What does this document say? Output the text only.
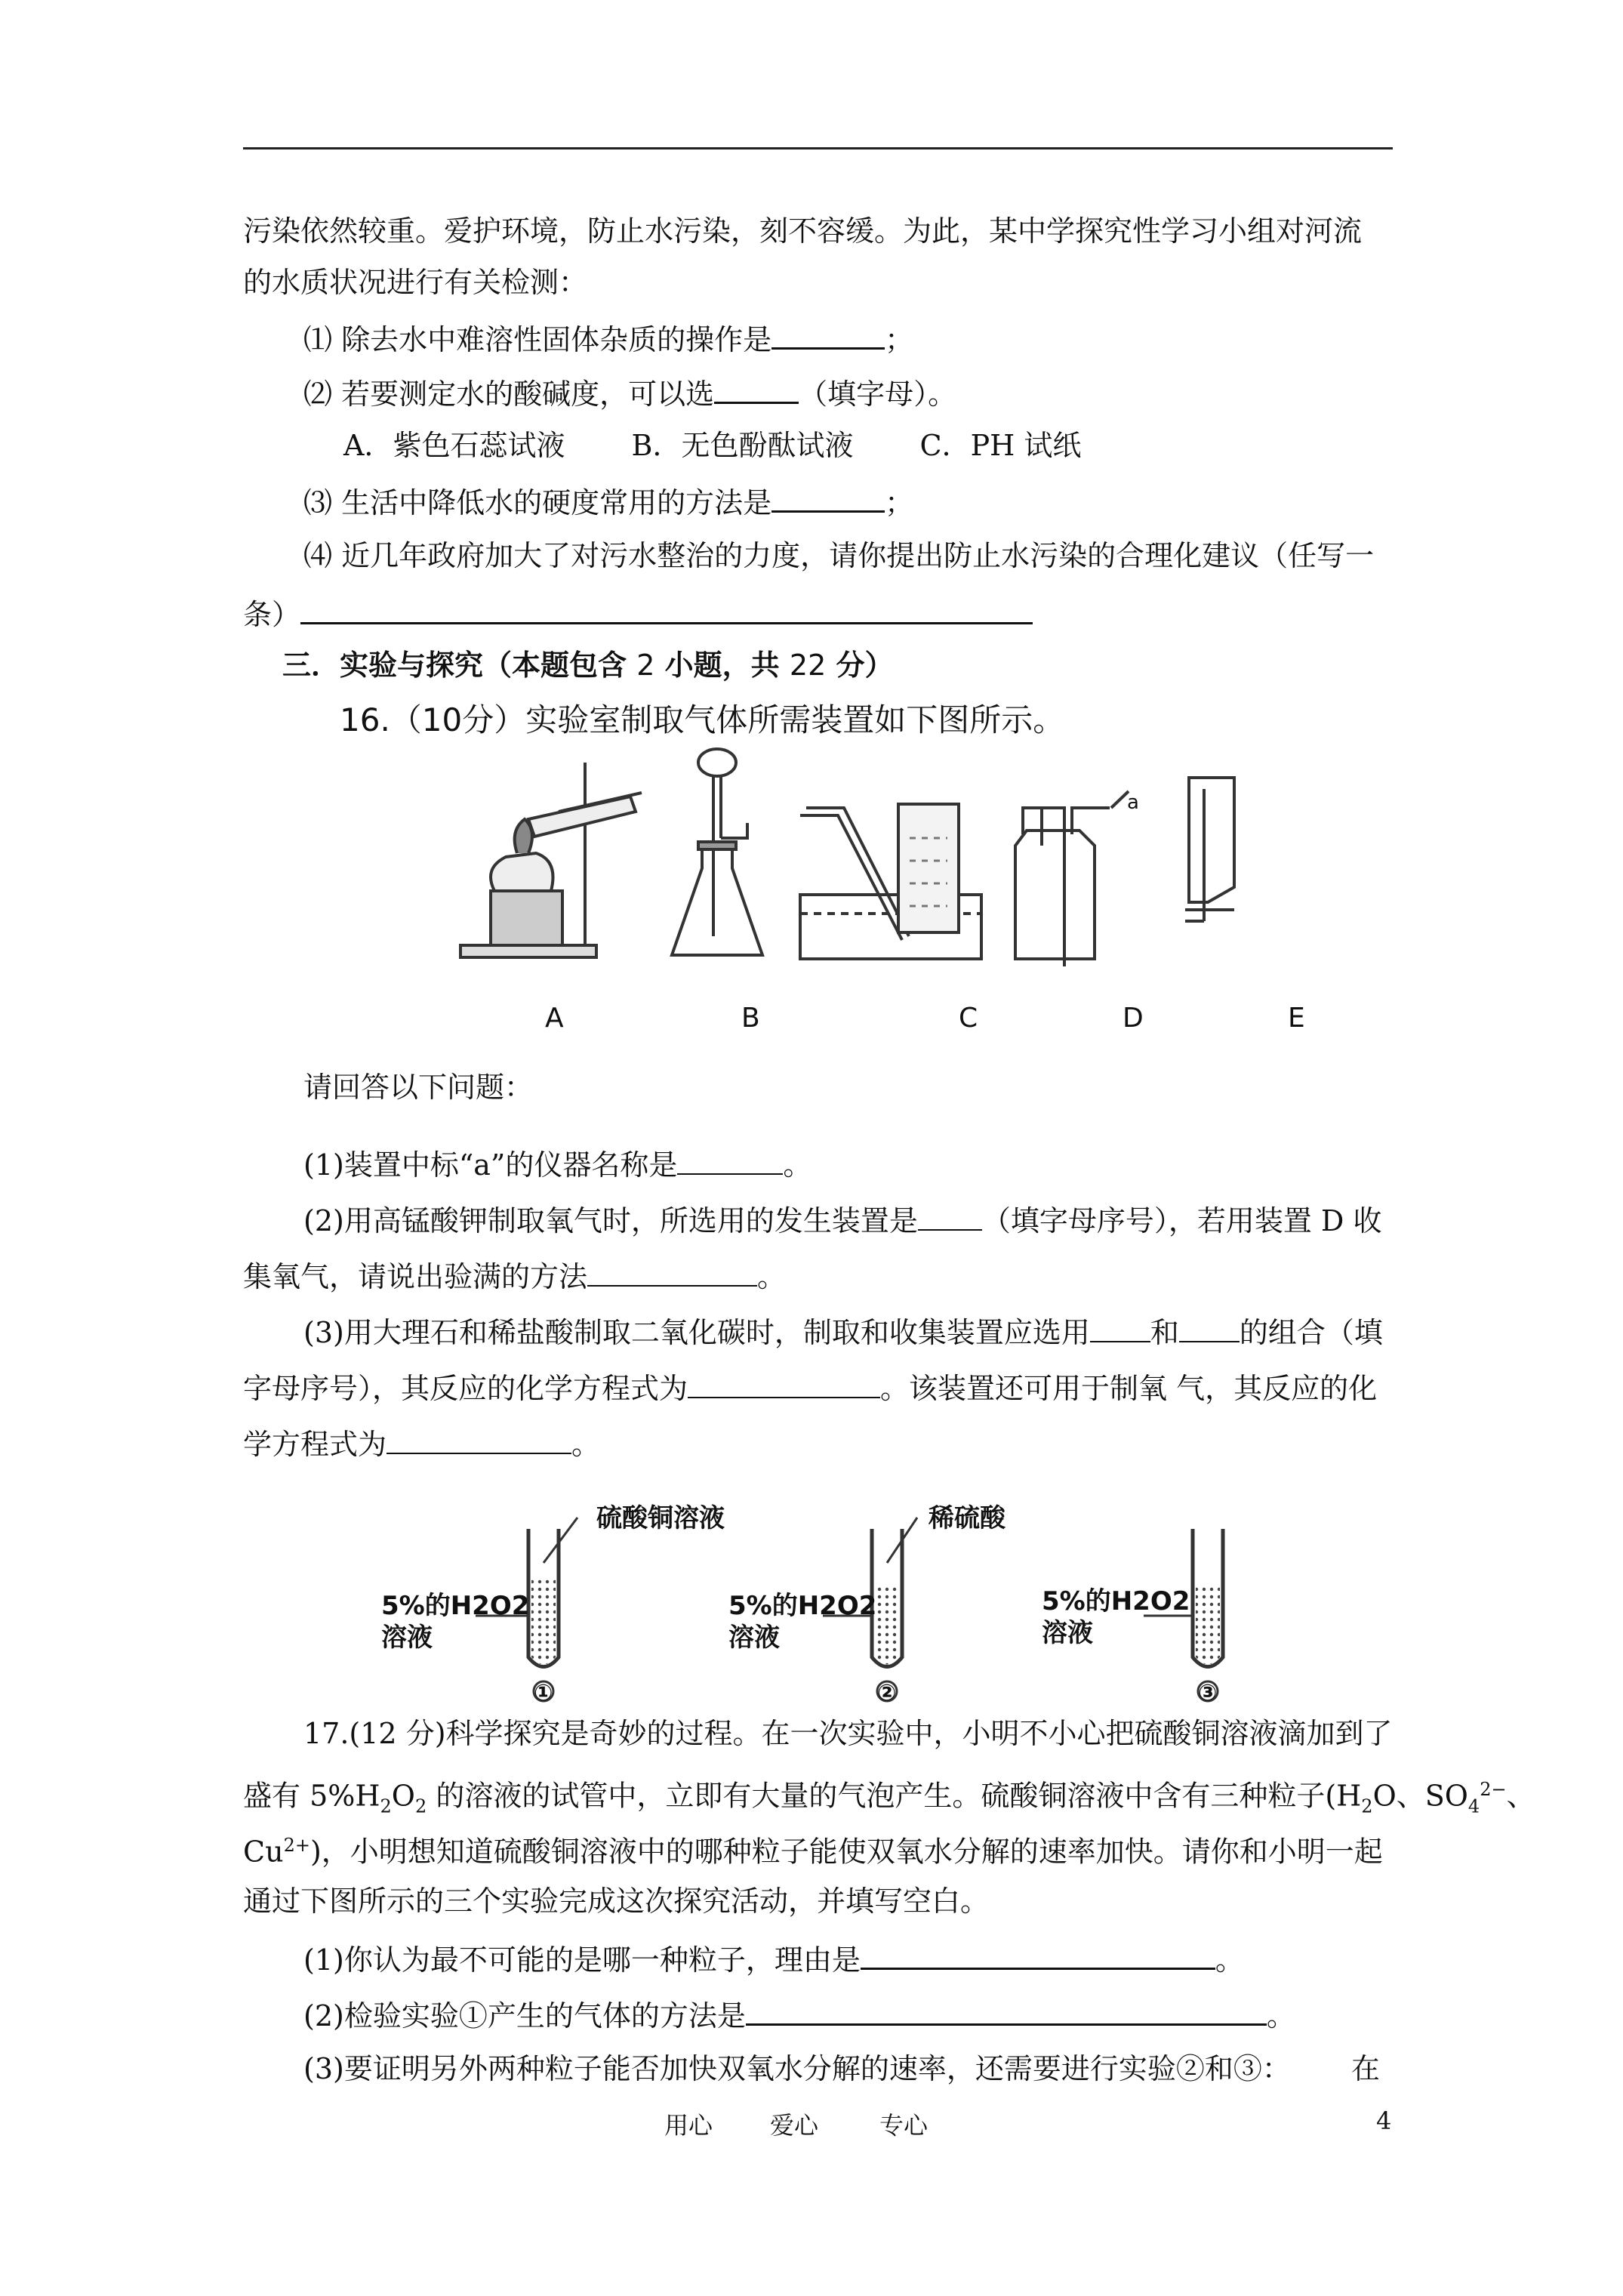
污染依然较重。爱护环境，防止水污染，刻不容缓。为此，某中学探究性学习小组对河流
的水质状况进行有关检测：
⑴ 除去水中难溶性固体杂质的操作是	；
⑵ 若要测定水的酸碱度，可以选	（填字母）。
A．紫色石蕊试液　　 B．无色酚酞试液　　 C．PH 试纸
⑶ 生活中降低水的硬度常用的方法是	；
⑷ 近几年政府加大了对污水整治的力度，请你提出防止水污染的合理化建议（任写一
条）
三．实验与探究（本题包含 2 小题，共 22 分）
16.（10分）实验室制取气体所需装置如下图所示。
a
A	B	C	D	E
请回答以下问题：
(1)装置中标“a”的仪器名称是	。
(2)用高锰酸钾制取氧气时，所选用的发生装置是 （填字母序号），若用装置 D 收
集氧气，请说出验满的方法	。
(3)用大理石和稀盐酸制取二氧化碳时，制取和收集装置应选用 和 的组合（填
字母序号），其反应的化学方程式为	。该装置还可用于制氧 气，其反应的化
学方程式为	。
硫酸铜溶液	稀硫酸
5%的H2O2
溶液
5%的H2O2
溶液
5%的H2O2
溶液
①	②	③
17.(12 分)科学探究是奇妙的过程。在一次实验中，小明不小心把硫酸铜溶液滴加到了
盛有 $5\%H_2O_2$ 的溶液的试管中，立即有大量的气泡产生。硫酸铜溶液中含有三种粒子($H_2O$、$SO_4^{2-}$、
$Cu^{2+}$)，小明想知道硫酸铜溶液中的哪种粒子能使双氧水分解的速率加快。请你和小明一起
通过下图所示的三个实验完成这次探究活动，并填写空白。
(1)你认为最不可能的是哪一种粒子，理由是	。
(2)检验实验①产生的气体的方法是	。
(3)要证明另外两种粒子能否加快双氧水分解的速率，还需要进行实验②和③： 在
用心 爱心	专心	4
